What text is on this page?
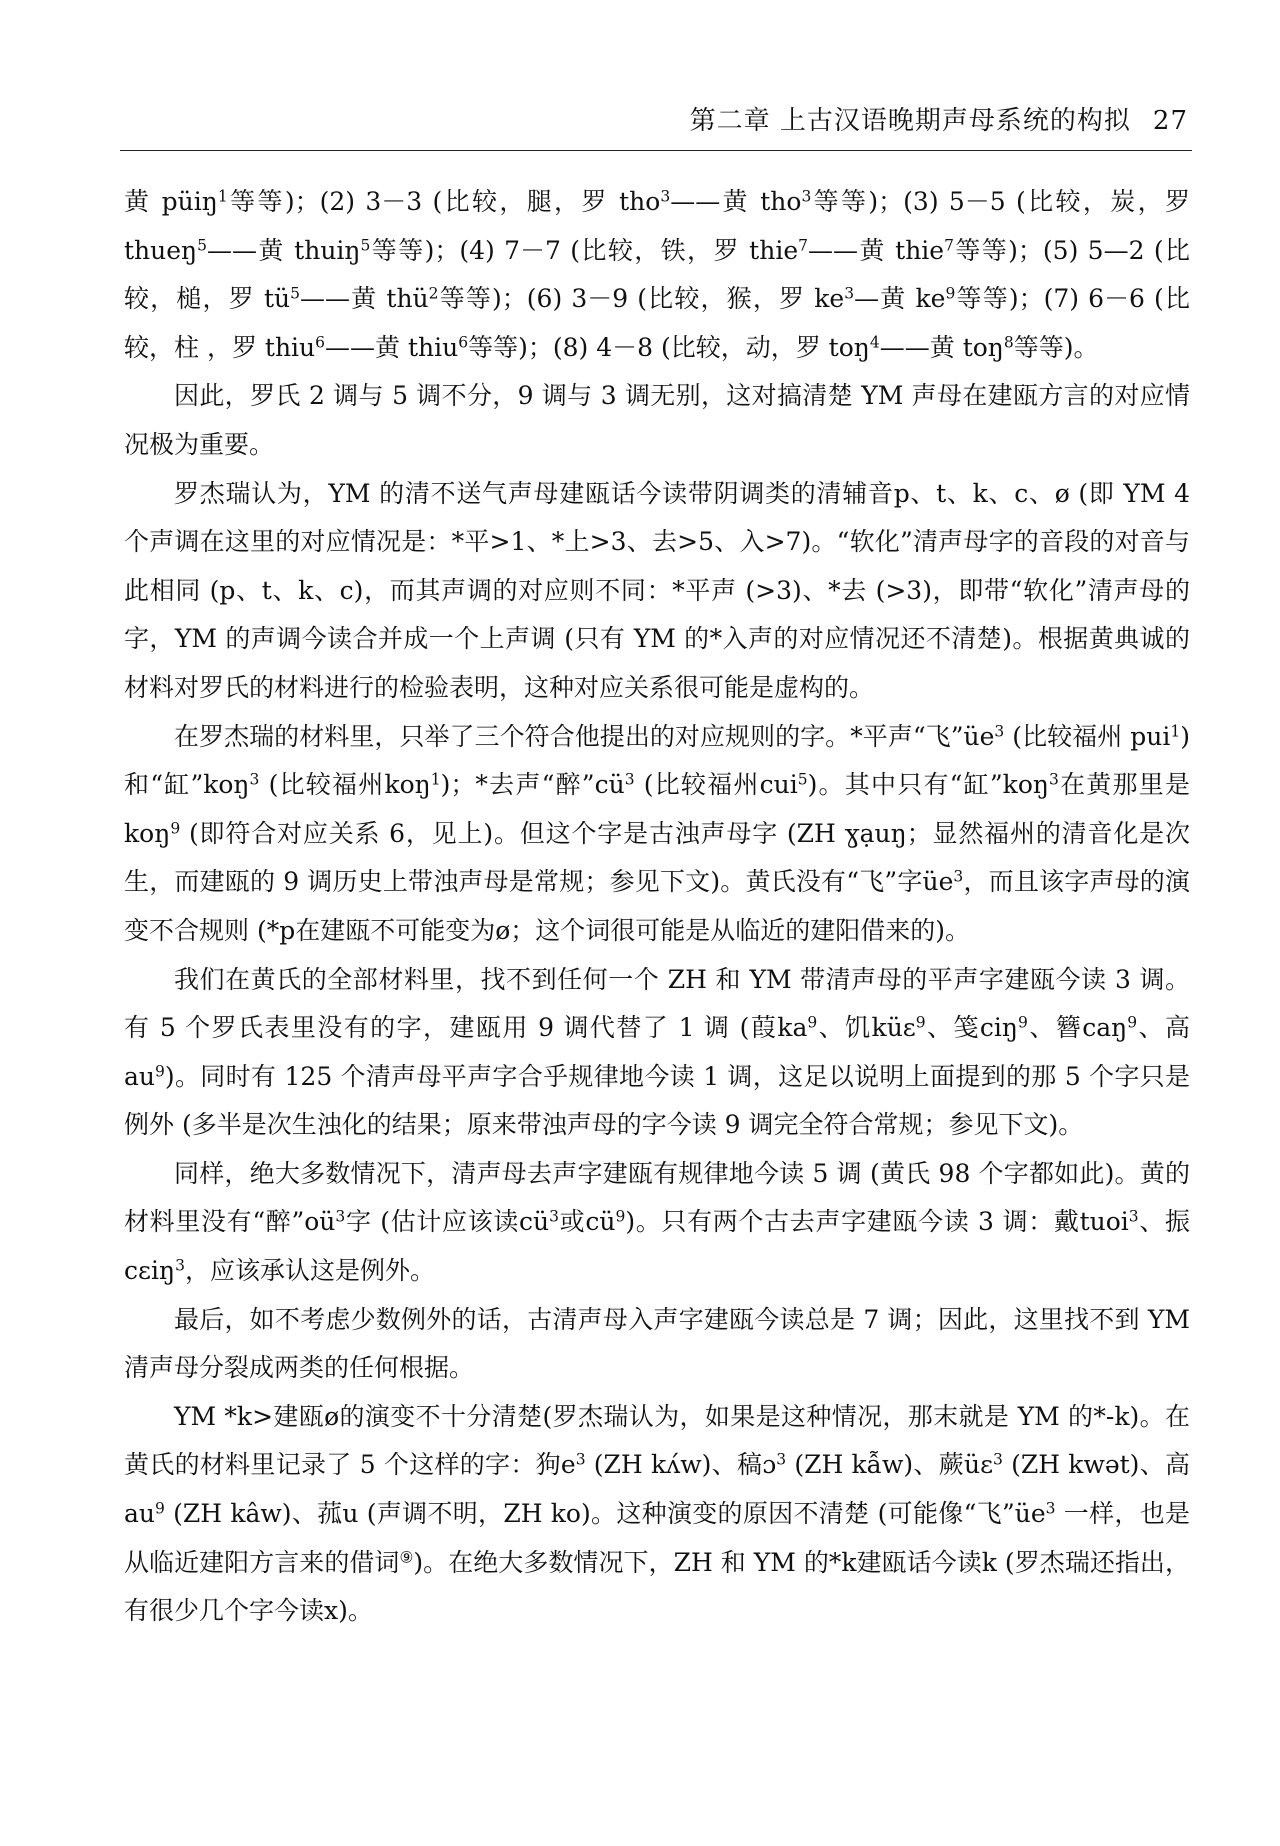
第二章 上古汉语晚期声母系统的构拟 27

黄 püiŋ$^1$等等)；(2) 3－3 (比较，腿，罗 tho$^3$——黄 tho$^3$等等)；(3) 5－5 (比较，炭，罗 thueŋ$^5$——黄 thuiŋ$^5$等等)；(4) 7－7 (比较，铁，罗 thie$^7$——黄 thie$^7$等等)；(5) 5—2 (比较，槌，罗 $tü^5——$黄 thü$^2$等等)；(6) 3－9 (比较，猴，罗 $ke^3—$黄 $ke^9$等等)；(7) 6－6 (比较，柱 ，罗 thiu$^6$——黄 thiu$^6$等等)；(8) 4－8 (比较，动，罗 toŋ$^4$——黄 toŋ$^8$等等)。

因此，罗氏 2 调与 5 调不分，9 调与 3 调无别，这对搞清楚 YM 声母在建瓯方言的对应情况极为重要。

罗杰瑞认为，YM 的清不送气声母建瓯话今读带阴调类的清辅音p、t、k、c、ø (即 YM 4 个声调在这里的对应情况是：*平>1、*上>3、去>5、入>7)。“软化”清声母字的音段的对音与此相同 (p、t、k、c)，而其声调的对应则不同：*平声 (>3)、*去 (>3)，即带“软化”清声母的字，YM 的声调今读合并成一个上声调 (只有 YM 的*入声的对应情况还不清楚)。根据黄典诚的材料对罗氏的材料进行的检验表明，这种对应关系很可能是虚构的。

在罗杰瑞的材料里，只举了三个符合他提出的对应规则的字。*平声“飞$”üe^3$ (比较福州 pui$^1$) 和“缸”koŋ$^3$ (比较福州koŋ$^1$)；*去声“醉$”cü^3$ (比较福州cui$^5$)。其中只有“缸”koŋ$^3$在黄那里是koŋ$^9$ (即符合对应关系 6，见上)。但这个字是古浊声母字 (ZH ɣạuŋ；显然福州的清音化是次生，而建瓯的 9 调历史上带浊声母是常规；参见下文)。黄氏没有“飞”字$üe^3$，而且该字声母的演变不合规则 (*p在建瓯不可能变为ø；这个词很可能是从临近的建阳借来的)。

我们在黄氏的全部材料里，找不到任何一个 ZH 和 YM 带清声母的平声字建瓯今读 3 调。有 5 个罗氏表里没有的字，建瓯用 9 调代替了 1 调 (葭$ka^9$、饥küɛ$^9$、笺ciŋ$^9$、簪caŋ$^9$、高$au^9$)。同时有 125 个清声母平声字合乎规律地今读 1 调，这足以说明上面提到的那 5 个字只是例外 (多半是次生浊化的结果；原来带浊声母的字今读 9 调完全符合常规；参见下文)。

同样，绝大多数情况下，清声母去声字建瓯有规律地今读 5 调 (黄氏 98 个字都如此)。黄的材料里没有“醉$”oü^3$字 (估计应该读$cü^3$或$cü^9$)。只有两个古去声字建瓯今读 3 调：戴tuoi$^3$、振cɛiŋ$^3$，应该承认这是例外。

最后，如不考虑少数例外的话，古清声母入声字建瓯今读总是 7 调；因此，这里找不到 YM 清声母分裂成两类的任何根据。

YM *k>建瓯ø的演变不十分清楚(罗杰瑞认为，如果是这种情况，那末就是 YM 的*-k)。在黄氏的材料里记录了 5 个这样的字：狗$e^3$ (ZH kʌ́w)、稿ɔ$^3$ (ZH kẫw)、蕨üɛ$^3$ (ZH kwət)、高$au^9$ (ZH kâw)、菰u (声调不明，ZH ko)。这种演变的原因不清楚 (可能像“飞$”üe^3$ 一样，也是从临近建阳方言来的借词⑨)。在绝大多数情况下，ZH 和 YM 的*k建瓯话今读k (罗杰瑞还指出，有很少几个字今读x)。
